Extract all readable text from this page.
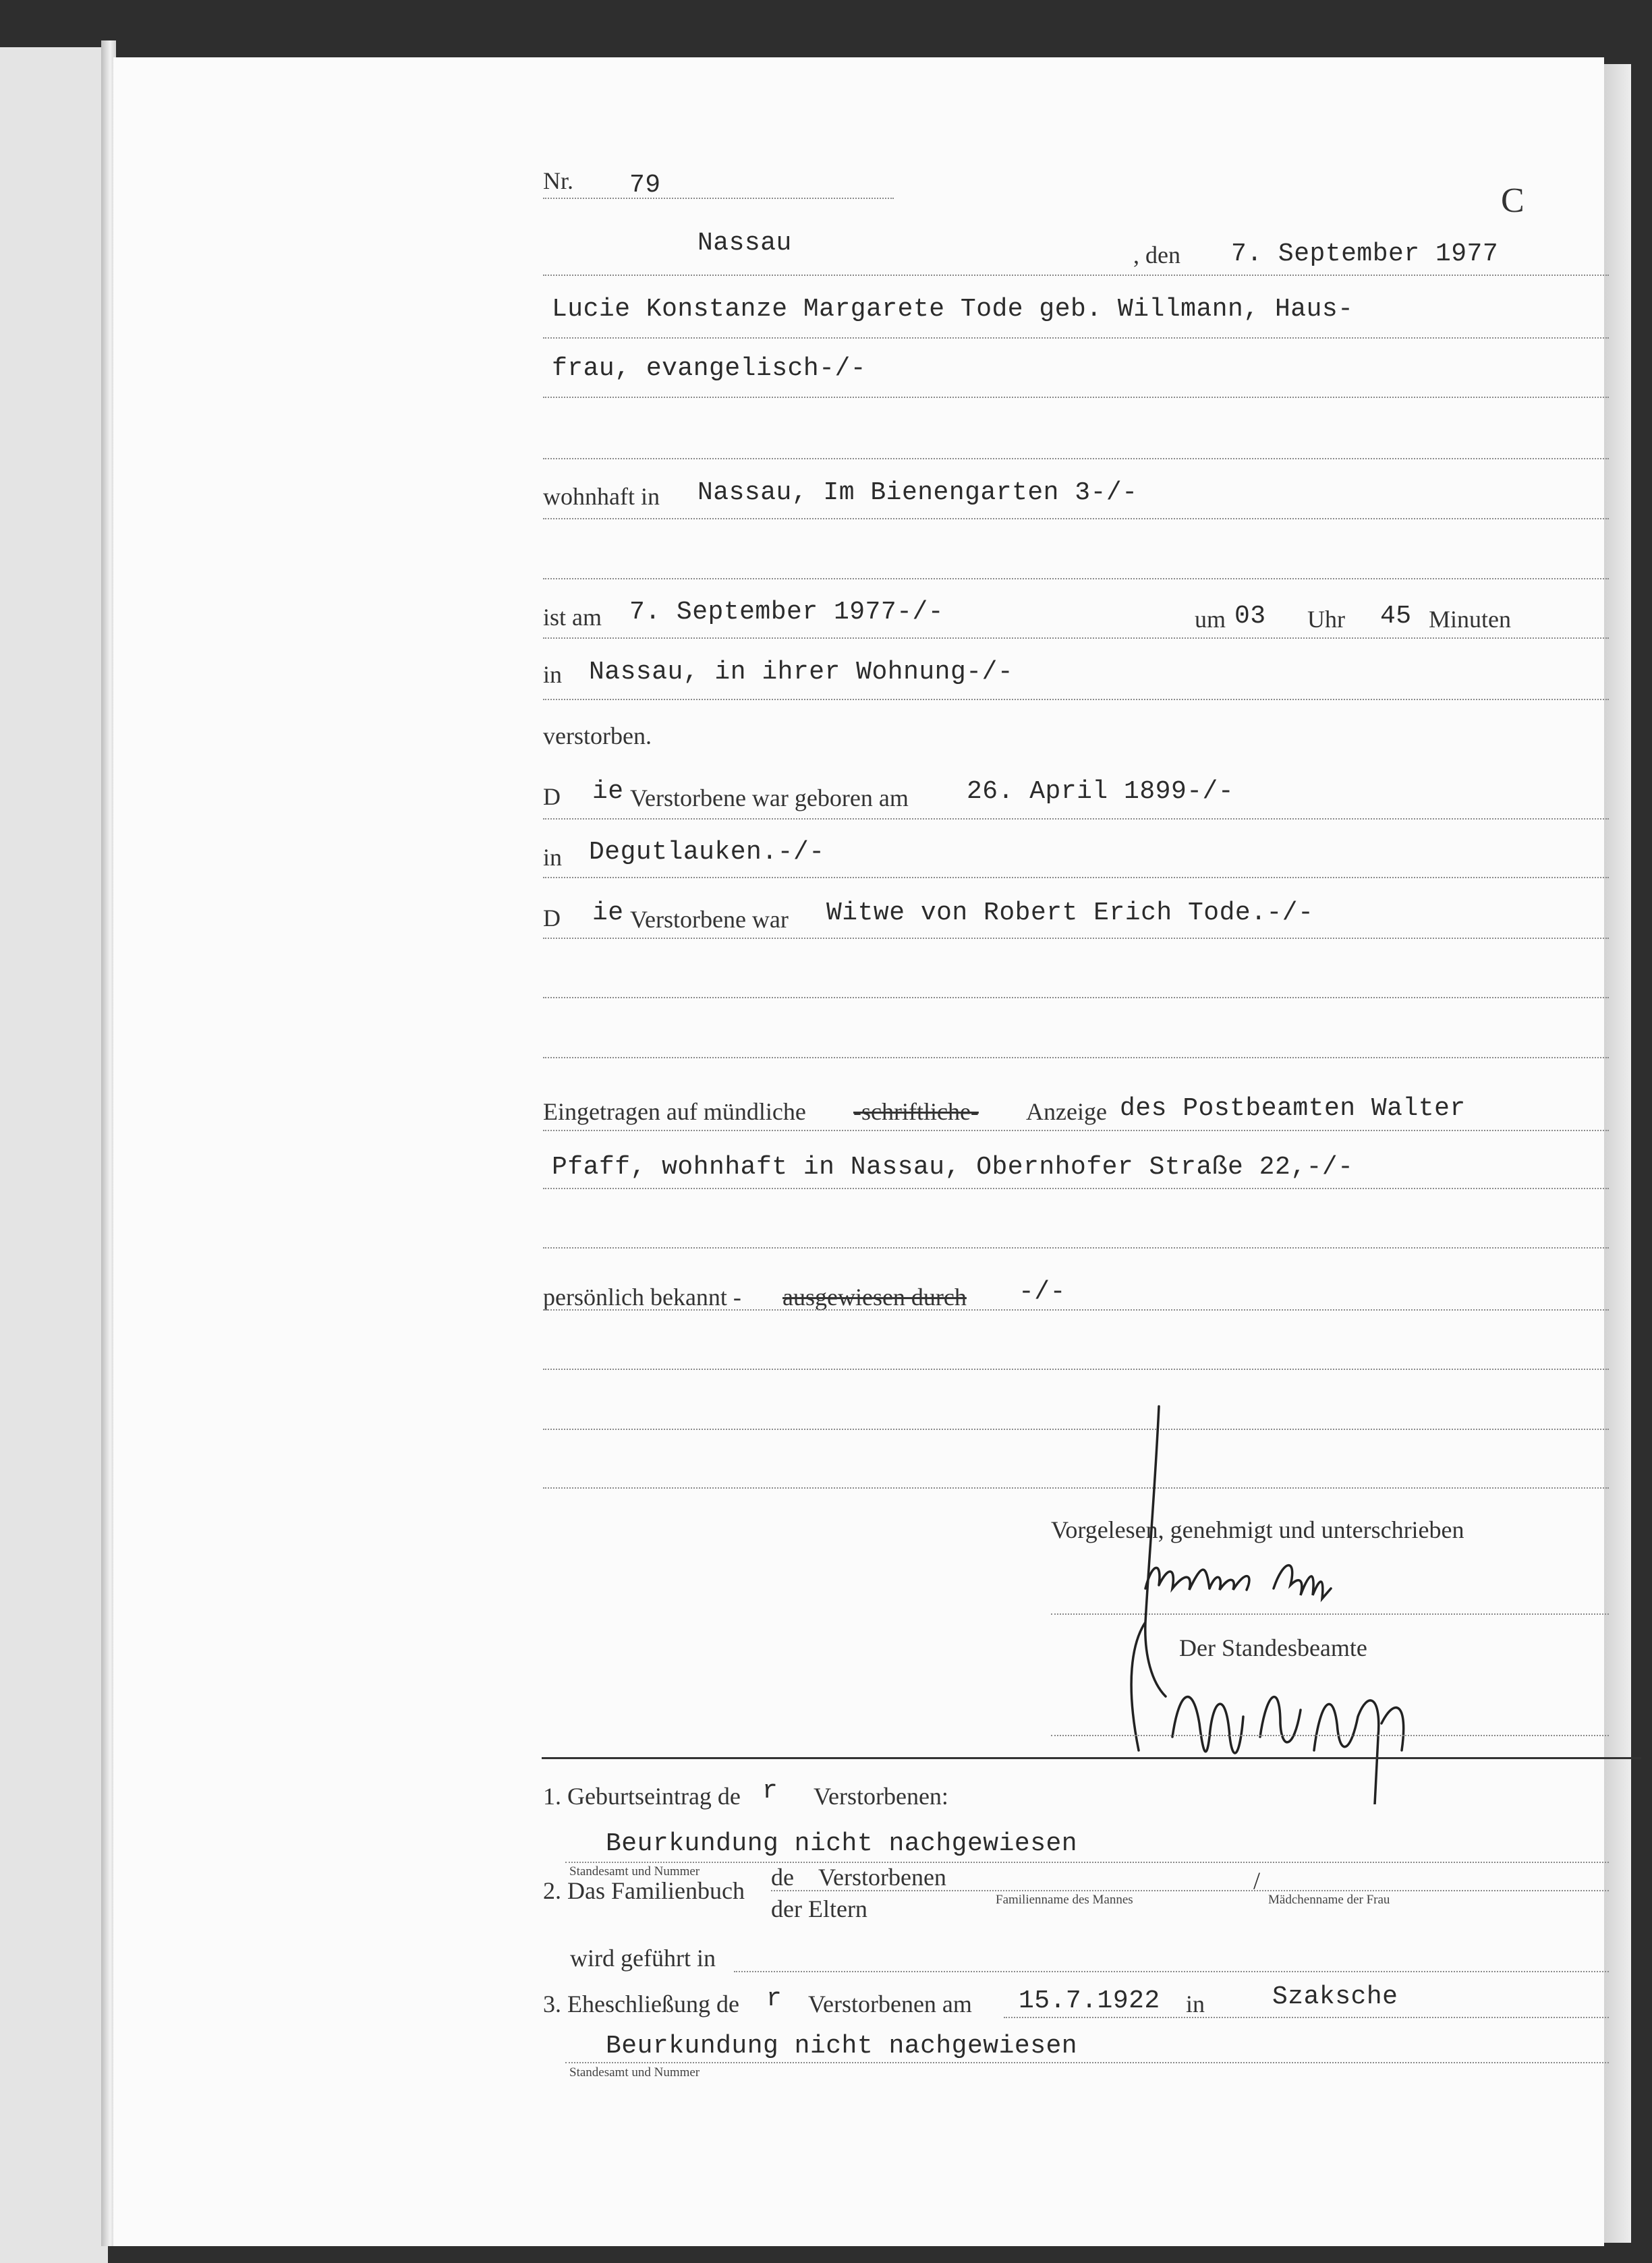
Nr. 79	C
Nassau	, den 7. September 1977
Lucie Konstanze Margarete Tode geb. Willmann, Haus-
frau, evangelisch-/-
wohnhaft in Nassau, Im Bienengarten 3-/-
ist am 7. September 1977-/-	um 03 Uhr 45 Minuten
in Nassau, in ihrer Wohnung-/-
verstorben.
D ie Verstorbene war geboren am 26. April 1899-/-
in Degutlauken.-/-
D ie Verstorbene war Witwe von Robert Erich Tode.-/-
Eingetragen auf mündliche -schriftliche- Anzeige des Postbeamten Walter
Pfaff, wohnhaft in Nassau, Obernhofer Straße 22,-/-
persönlich bekannt - ausgewiesen durch -/-
Vorgelesen, genehmigt und unterschrieben
Der Standesbeamte
1. Geburtseintrag de r Verstorbenen:
Beurkundung nicht nachgewiesen
Standesamt und Nummer
2. Das Familienbuch de Verstorbenen
der Eltern	Familienname des Mannes
/
Mädchenname der Frau
wird geführt in
3. Eheschließung de r Verstorbenen am 15.7.1922 in	Szaksche
Beurkundung nicht nachgewiesen
Standesamt und Nummer
